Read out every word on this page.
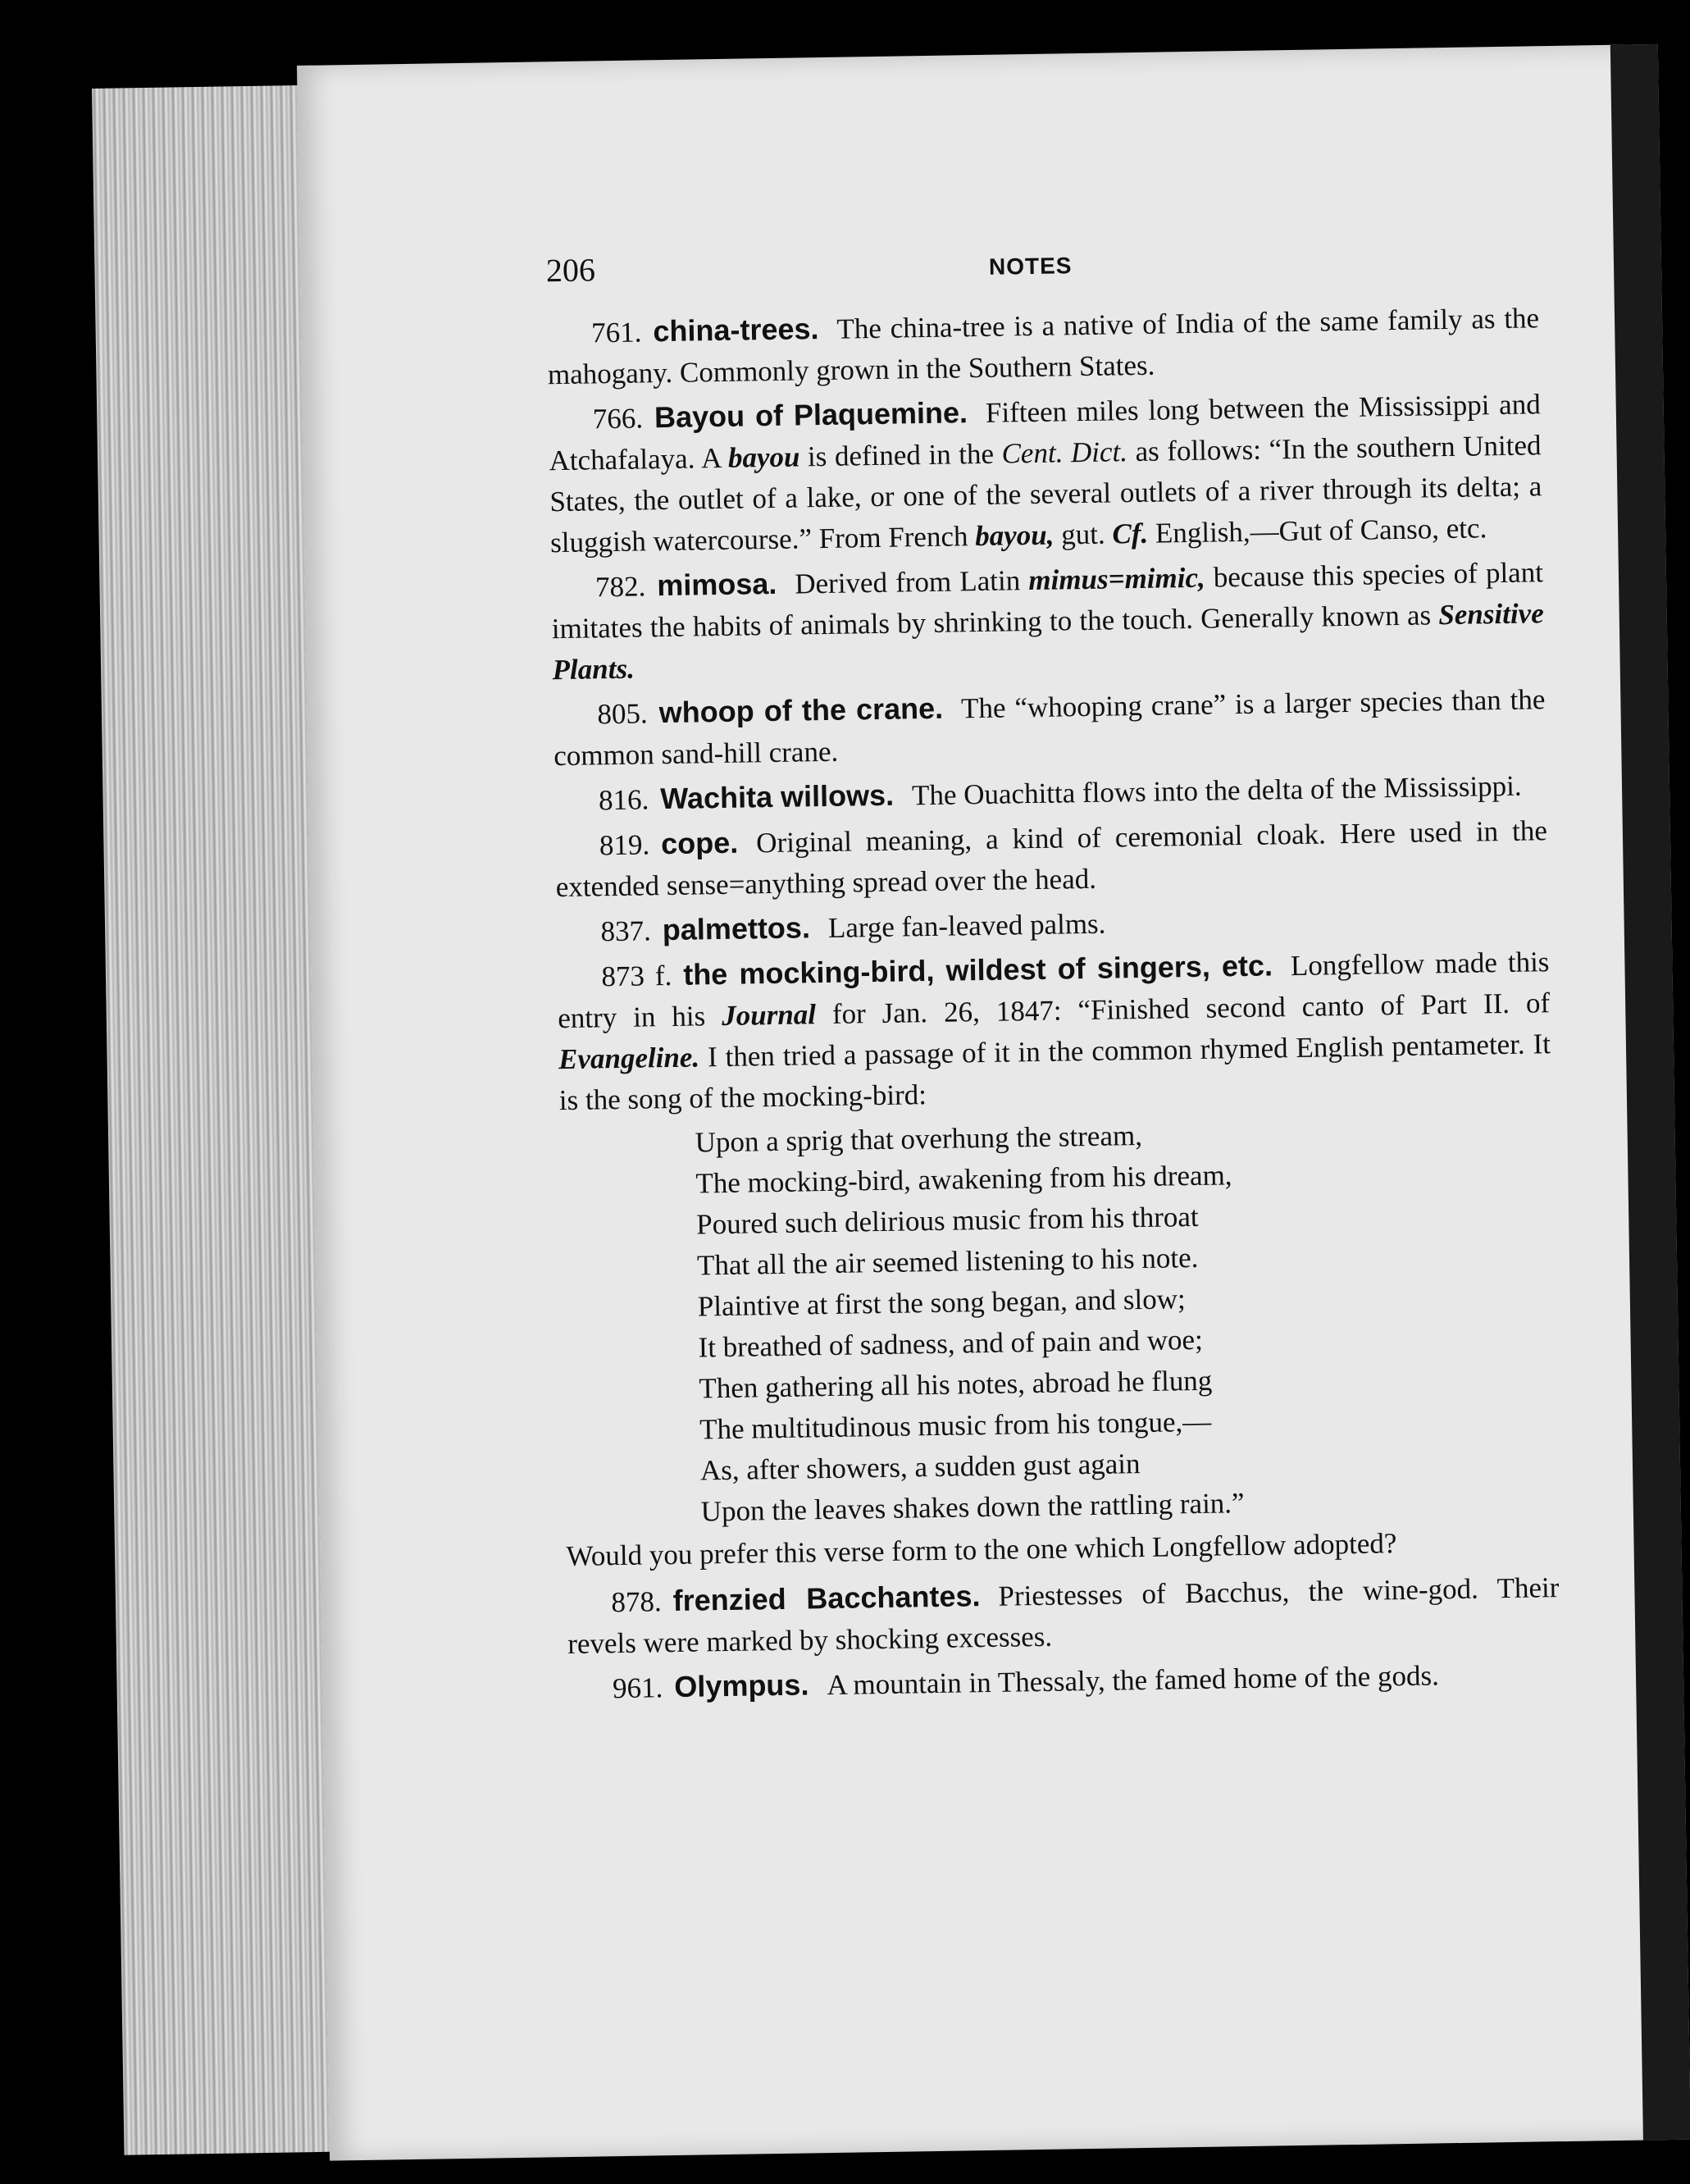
206	NOTES

761. china-trees. The china-tree is a native of India of the same family as the mahogany. Commonly grown in the Southern States.

766. Bayou of Plaquemine. Fifteen miles long between the Mississippi and Atchafalaya. A bayou is defined in the Cent. Dict. as follows: “In the southern United States, the outlet of a lake, or one of the several outlets of a river through its delta; a sluggish watercourse.” From French bayou, gut. Cf. English,—Gut of Canso, etc.

782. mimosa. Derived from Latin mimus=mimic, because this species of plant imitates the habits of animals by shrinking to the touch. Generally known as Sensitive Plants.

805. whoop of the crane. The “whooping crane” is a larger species than the common sand-hill crane.

816. Wachita willows. The Ouachitta flows into the delta of the Mississippi.

819. cope. Original meaning, a kind of ceremonial cloak. Here used in the extended sense=anything spread over the head.

837. palmettos. Large fan-leaved palms.

873 f. the mocking-bird, wildest of singers, etc. Longfellow made this entry in his Journal for Jan. 26, 1847: “Finished second canto of Part II. of Evangeline. I then tried a passage of it in the common rhymed English pentameter. It is the song of the mocking-bird:

Upon a sprig that overhung the stream,
The mocking-bird, awakening from his dream,
Poured such delirious music from his throat
That all the air seemed listening to his note.
Plaintive at first the song began, and slow;
It breathed of sadness, and of pain and woe;
Then gathering all his notes, abroad he flung
The multitudinous music from his tongue,—
As, after showers, a sudden gust again
Upon the leaves shakes down the rattling rain.”

Would you prefer this verse form to the one which Longfellow adopted?

878. frenzied Bacchantes. Priestesses of Bacchus, the wine-god. Their revels were marked by shocking excesses.

961. Olympus. A mountain in Thessaly, the famed home of the gods.
